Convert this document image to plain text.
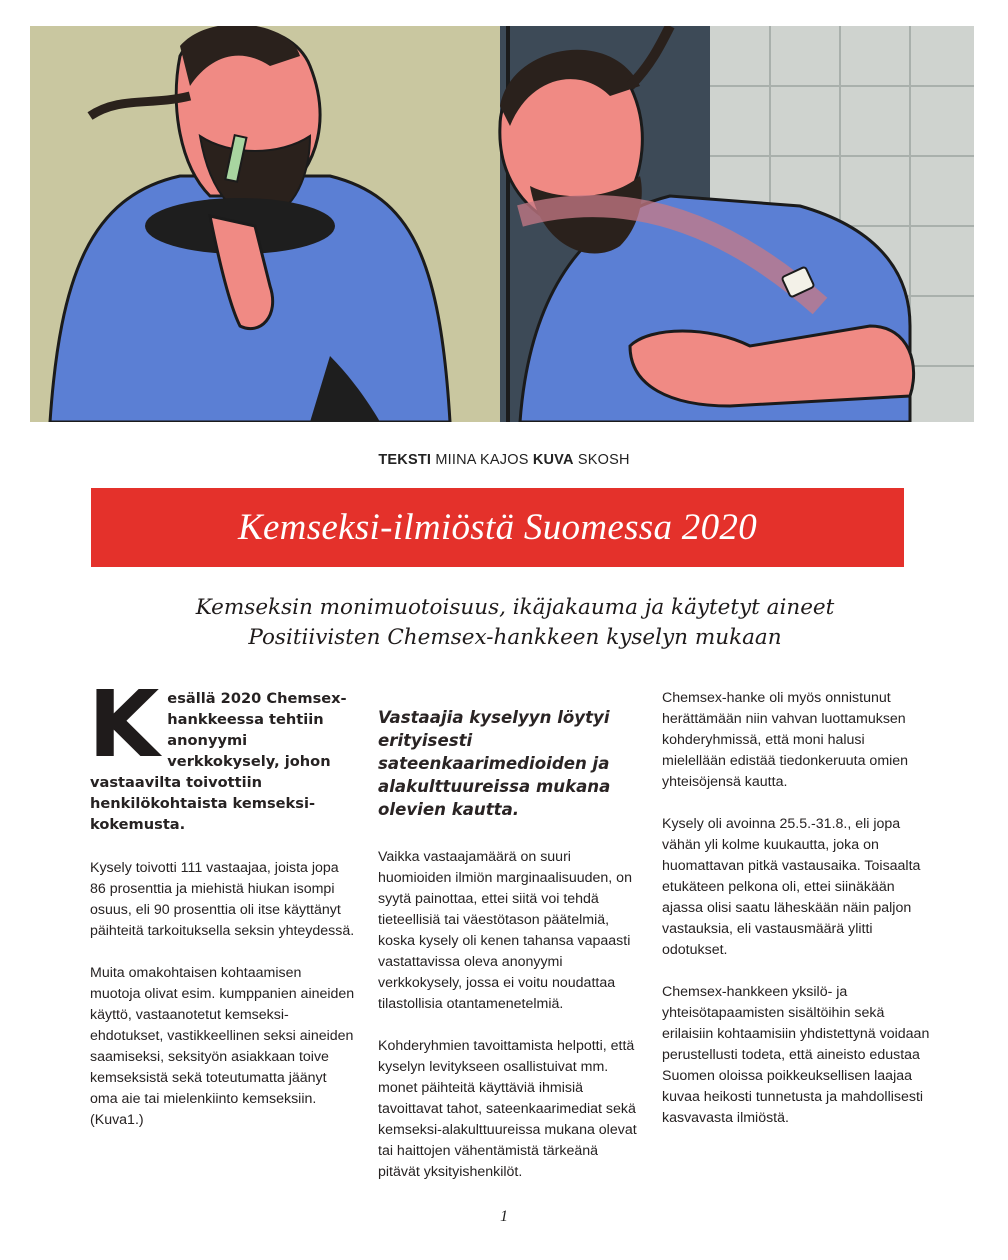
TEKSTI MIINA KAJOS KUVA SKOSH
Kemseksi-ilmiöstä Suomessa 2020
Kemseksin monimuotoisuus, ikäjakauma ja käytetyt aineet
Positiivisten Chemsex-hankkeen kyselyn mukaan
K esällä 2020 Chemsex-hankkeessa tehtiin anonyymi verkkokysely, johon vastaavilta toivottiin henkilökohtaista kemseksi-kokemusta.

Kysely toivotti 111 vastaajaa, joista jopa 86 prosenttia ja miehistä hiukan isompi osuus, eli 90 prosenttia oli itse käyttänyt päihteitä tarkoituksella seksin yhteydessä.

Muita omakohtaisen kohtaamisen muotoja olivat esim. kumppanien aineiden käyttö, vastaanotetut kemseksi-ehdotukset, vastikkeellinen seksi aineiden saamiseksi, seksityön asiakkaan toive kemseksistä sekä toteutumatta jäänyt oma aie tai mielenkiinto kemseksiin. (Kuva1.)

Vastaajia kyselyyn löytyi erityisesti sateenkaarimedioiden ja alakulttuureissa mukana olevien kautta.

Vaikka vastaajamäärä on suuri huomioiden ilmiön marginaalisuuden, on syytä painottaa, ettei siitä voi tehdä tieteellisiä tai väestötason päätelmiä, koska kysely oli kenen tahansa vapaasti vastattavissa oleva anonyymi verkkokysely, jossa ei voitu noudattaa tilastollisia otantamenetelmiä.

Kohderyhmien tavoittamista helpotti, että kyselyn levitykseen osallistuivat mm. monet päihteitä käyttäviä ihmisiä tavoittavat tahot, sateenkaarimediat sekä kemseksi-alakulttuureissa mukana olevat tai haittojen vähentämistä tärkeänä pitävät yksityishenkilöt.

Chemsex-hanke oli myös onnistunut herättämään niin vahvan luottamuksen kohderyhmissä, että moni halusi mielellään edistää tiedonkeruuta omien yhteisöjensä kautta.

Kysely oli avoinna 25.5.-31.8., eli jopa vähän yli kolme kuukautta, joka on huomattavan pitkä vastausaika. Toisaalta etukäteen pelkona oli, ettei siinäkään ajassa olisi saatu läheskään näin paljon vastauksia, eli vastausmäärä ylitti odotukset.

Chemsex-hankkeen yksilö- ja yhteisötapaamisten sisältöihin sekä erilaisiin kohtaamisiin yhdistettynä voidaan perustellusti todeta, että aineisto edustaa Suomen oloissa poikkeuksellisen laajaa kuvaa heikosti tunnetusta ja mahdollisesti kasvavasta ilmiöstä.

1
